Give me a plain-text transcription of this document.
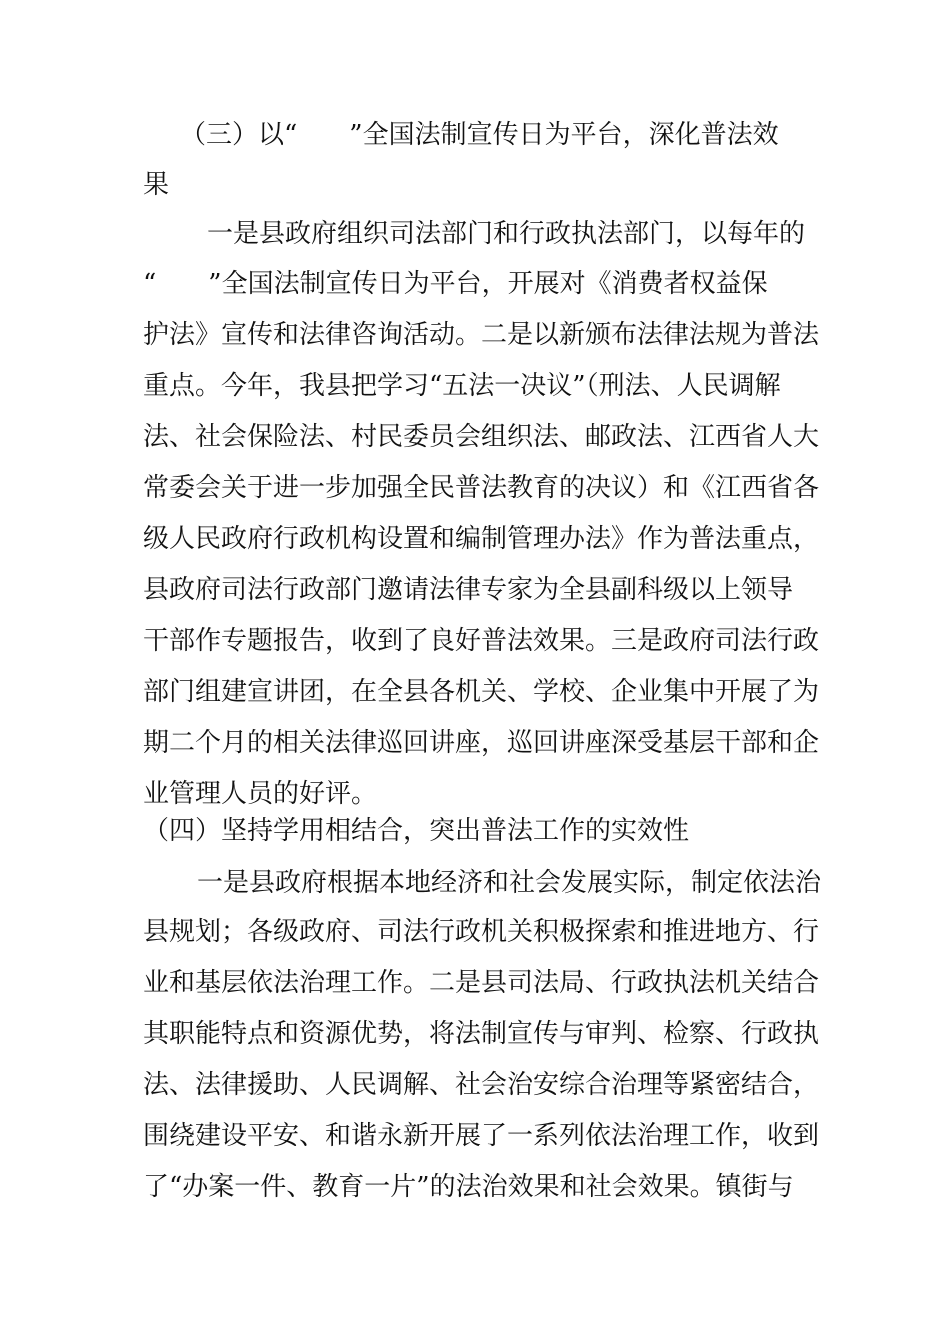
（三）以“　　”全国法制宣传日为平台，深化普法效

果

一是县政府组织司法部门和行政执法部门，以每年的

“　　”全国法制宣传日为平台，开展对《消费者权益保

护法》宣传和法律咨询活动。二是以新颁布法律法规为普法

重点。今年，我县把学习“五法一决议”（刑法、人民调解

法、社会保险法、村民委员会组织法、邮政法、江西省人大

常委会关于进一步加强全民普法教育的决议）和《江西省各

级人民政府行政机构设置和编制管理办法》作为普法重点，

县政府司法行政部门邀请法律专家为全县副科级以上领导

干部作专题报告，收到了良好普法效果。三是政府司法行政

部门组建宣讲团，在全县各机关、学校、企业集中开展了为

期二个月的相关法律巡回讲座，巡回讲座深受基层干部和企

业管理人员的好评。

（四）坚持学用相结合，突出普法工作的实效性

一是县政府根据本地经济和社会发展实际，制定依法治

县规划；各级政府、司法行政机关积极探索和推进地方、行

业和基层依法治理工作。二是县司法局、行政执法机关结合

其职能特点和资源优势，将法制宣传与审判、检察、行政执

法、法律援助、人民调解、社会治安综合治理等紧密结合，

围绕建设平安、和谐永新开展了一系列依法治理工作，收到

了“办案一件、教育一片”的法治效果和社会效果。镇街与
